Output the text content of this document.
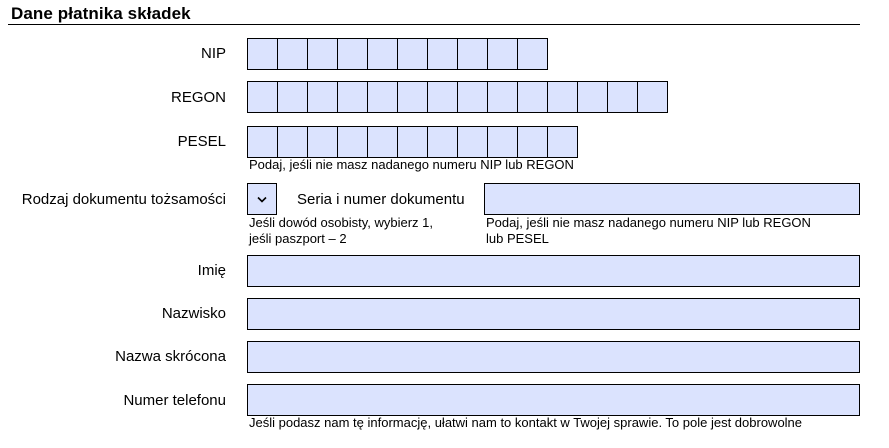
Dane płatnika składek
NIP
REGON
PESEL
Podaj, jeśli nie masz nadanego numeru NIP lub REGON
Rodzaj dokumentu tożsamości
Jeśli dowód osobisty, wybierz 1,
jeśli paszport – 2
Seria i numer dokumentu
Podaj, jeśli nie masz nadanego numeru NIP lub REGON
lub PESEL
Imię
Nazwisko
Nazwa skrócona
Numer telefonu
Jeśli podasz nam tę informację, ułatwi nam to kontakt w Twojej sprawie. To pole jest dobrowolne
